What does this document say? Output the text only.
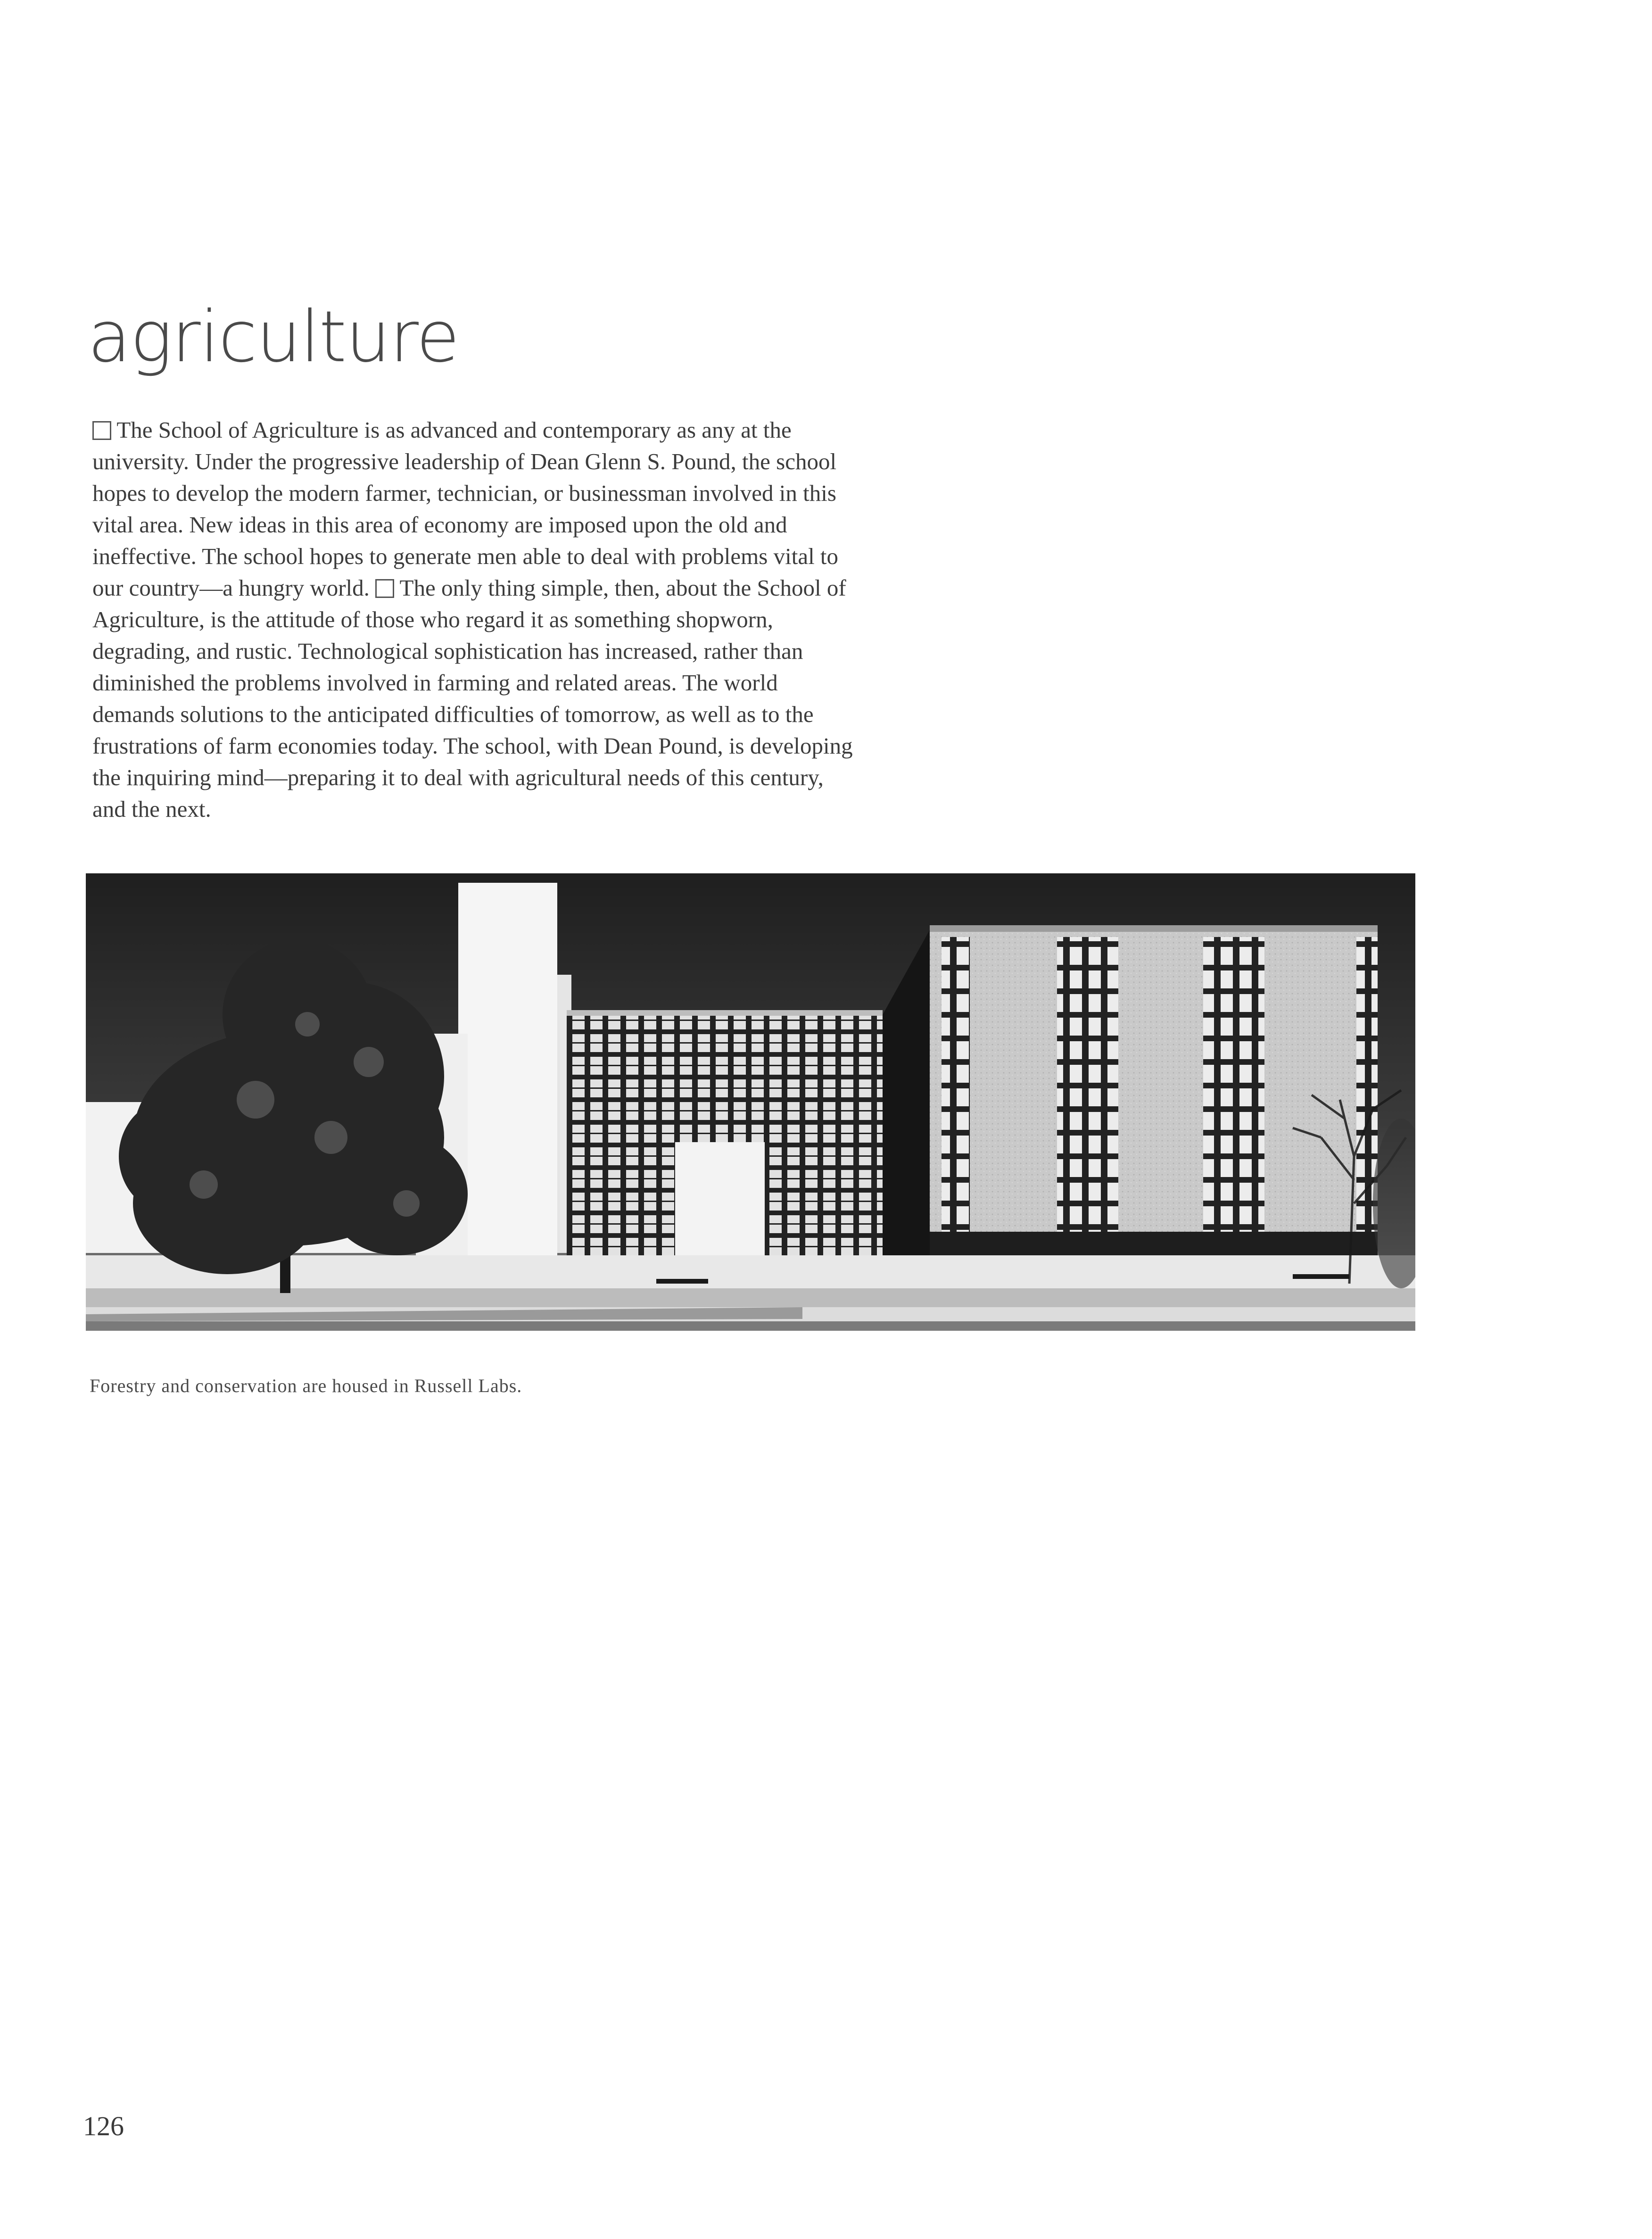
agriculture

The School of Agriculture is as advanced and contemporary as any at the
university. Under the progressive leadership of Dean Glenn S. Pound, the school
hopes to develop the modern farmer, technician, or businessman involved in this
vital area. New ideas in this area of economy are imposed upon the old and
ineffective. The school hopes to generate men able to deal with problems vital to
our country—a hungry world. The only thing simple, then, about the School of
Agriculture, is the attitude of those who regard it as something shopworn,
degrading, and rustic. Technological sophistication has increased, rather than
diminished the problems involved in farming and related areas. The world
demands solutions to the anticipated difficulties of tomorrow, as well as to the
frustrations of farm economies today. The school, with Dean Pound, is developing
the inquiring mind—preparing it to deal with agricultural needs of this century,
and the next.

Forestry and conservation are housed in Russell Labs.

126
